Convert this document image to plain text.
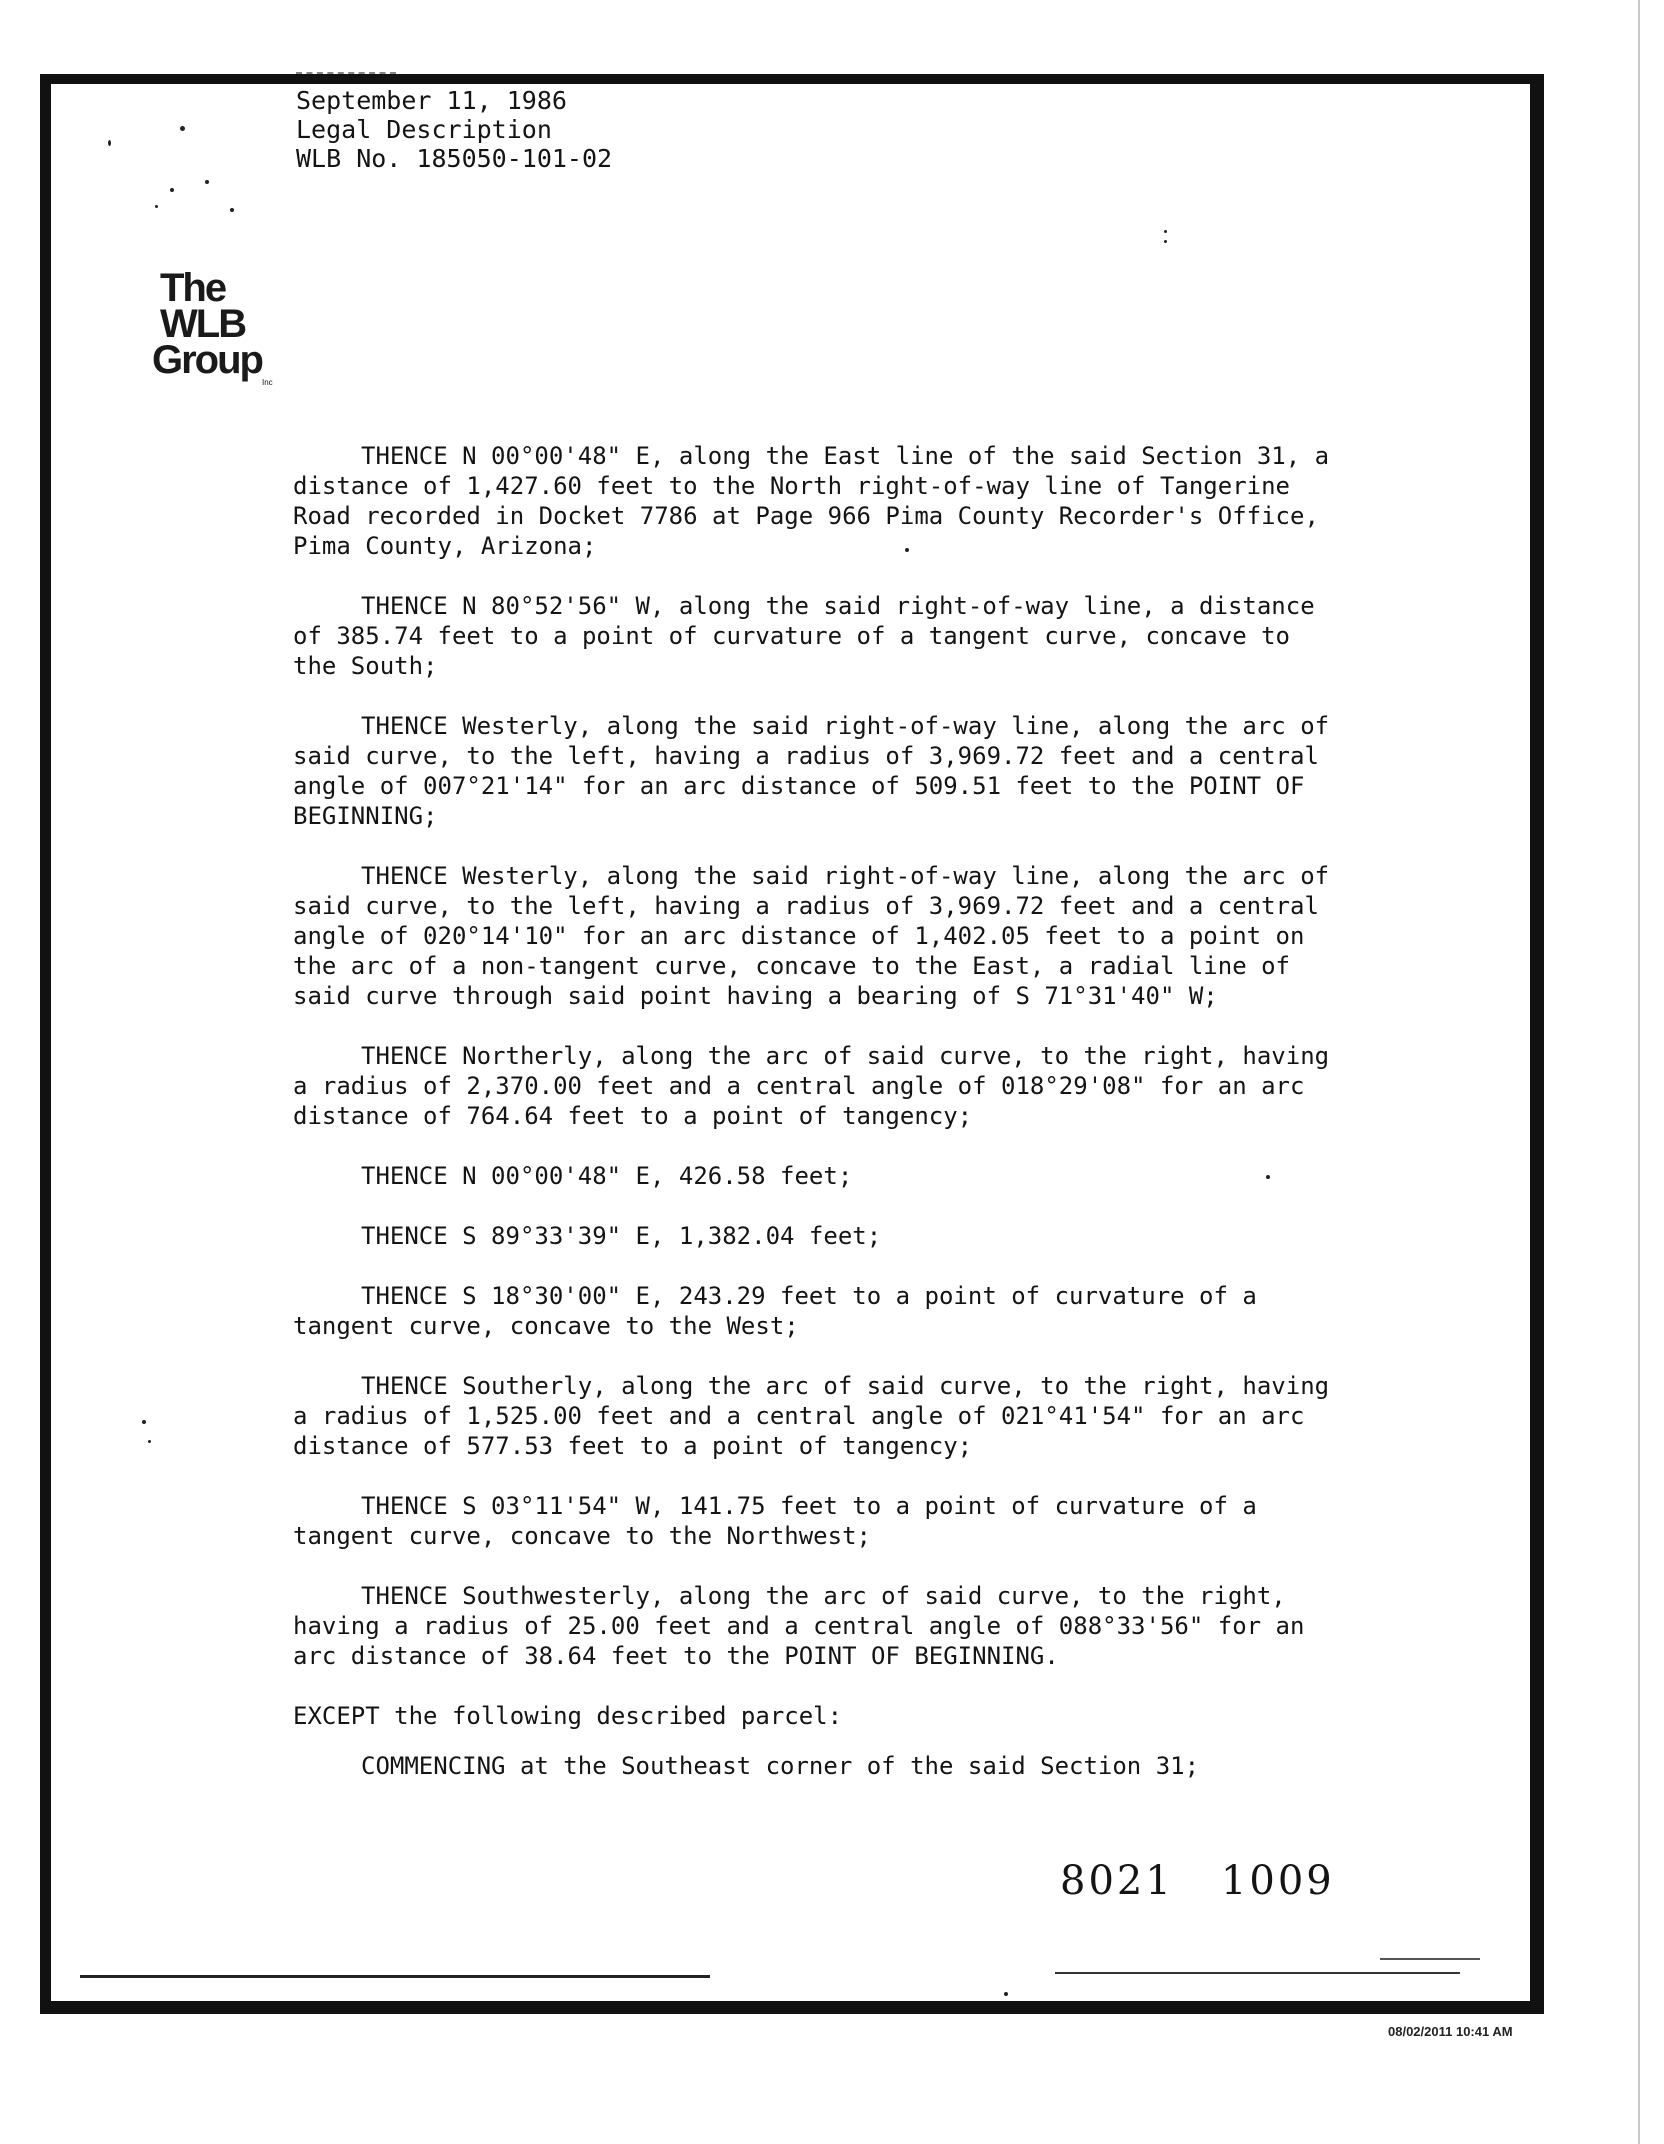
September 11, 1986
Legal Description
WLB No. 185050-101-02
The
WLB
Group
Inc
THENCE N 00°00'48" E, along the East line of the said Section 31, a
distance of 1,427.60 feet to the North right-of-way line of Tangerine
Road recorded in Docket 7786 at Page 966 Pima County Recorder's Office,
Pima County, Arizona;
THENCE N 80°52'56" W, along the said right-of-way line, a distance
of 385.74 feet to a point of curvature of a tangent curve, concave to
the South;
THENCE Westerly, along the said right-of-way line, along the arc of
said curve, to the left, having a radius of 3,969.72 feet and a central
angle of 007°21'14" for an arc distance of 509.51 feet to the POINT OF
BEGINNING;
THENCE Westerly, along the said right-of-way line, along the arc of
said curve, to the left, having a radius of 3,969.72 feet and a central
angle of 020°14'10" for an arc distance of 1,402.05 feet to a point on
the arc of a non-tangent curve, concave to the East, a radial line of
said curve through said point having a bearing of S 71°31'40" W;
THENCE Northerly, along the arc of said curve, to the right, having
a radius of 2,370.00 feet and a central angle of 018°29'08" for an arc
distance of 764.64 feet to a point of tangency;
THENCE N 00°00'48" E, 426.58 feet;
THENCE S 89°33'39" E, 1,382.04 feet;
THENCE S 18°30'00" E, 243.29 feet to a point of curvature of a
tangent curve, concave to the West;
THENCE Southerly, along the arc of said curve, to the right, having
a radius of 1,525.00 feet and a central angle of 021°41'54" for an arc
distance of 577.53 feet to a point of tangency;
THENCE S 03°11'54" W, 141.75 feet to a point of curvature of a
tangent curve, concave to the Northwest;
THENCE Southwesterly, along the arc of said curve, to the right,
having a radius of 25.00 feet and a central angle of 088°33'56" for an
arc distance of 38.64 feet to the POINT OF BEGINNING.
EXCEPT the following described parcel:
COMMENCING at the Southeast corner of the said Section 31;
8021   1009
08/02/2011 10:41 AM
